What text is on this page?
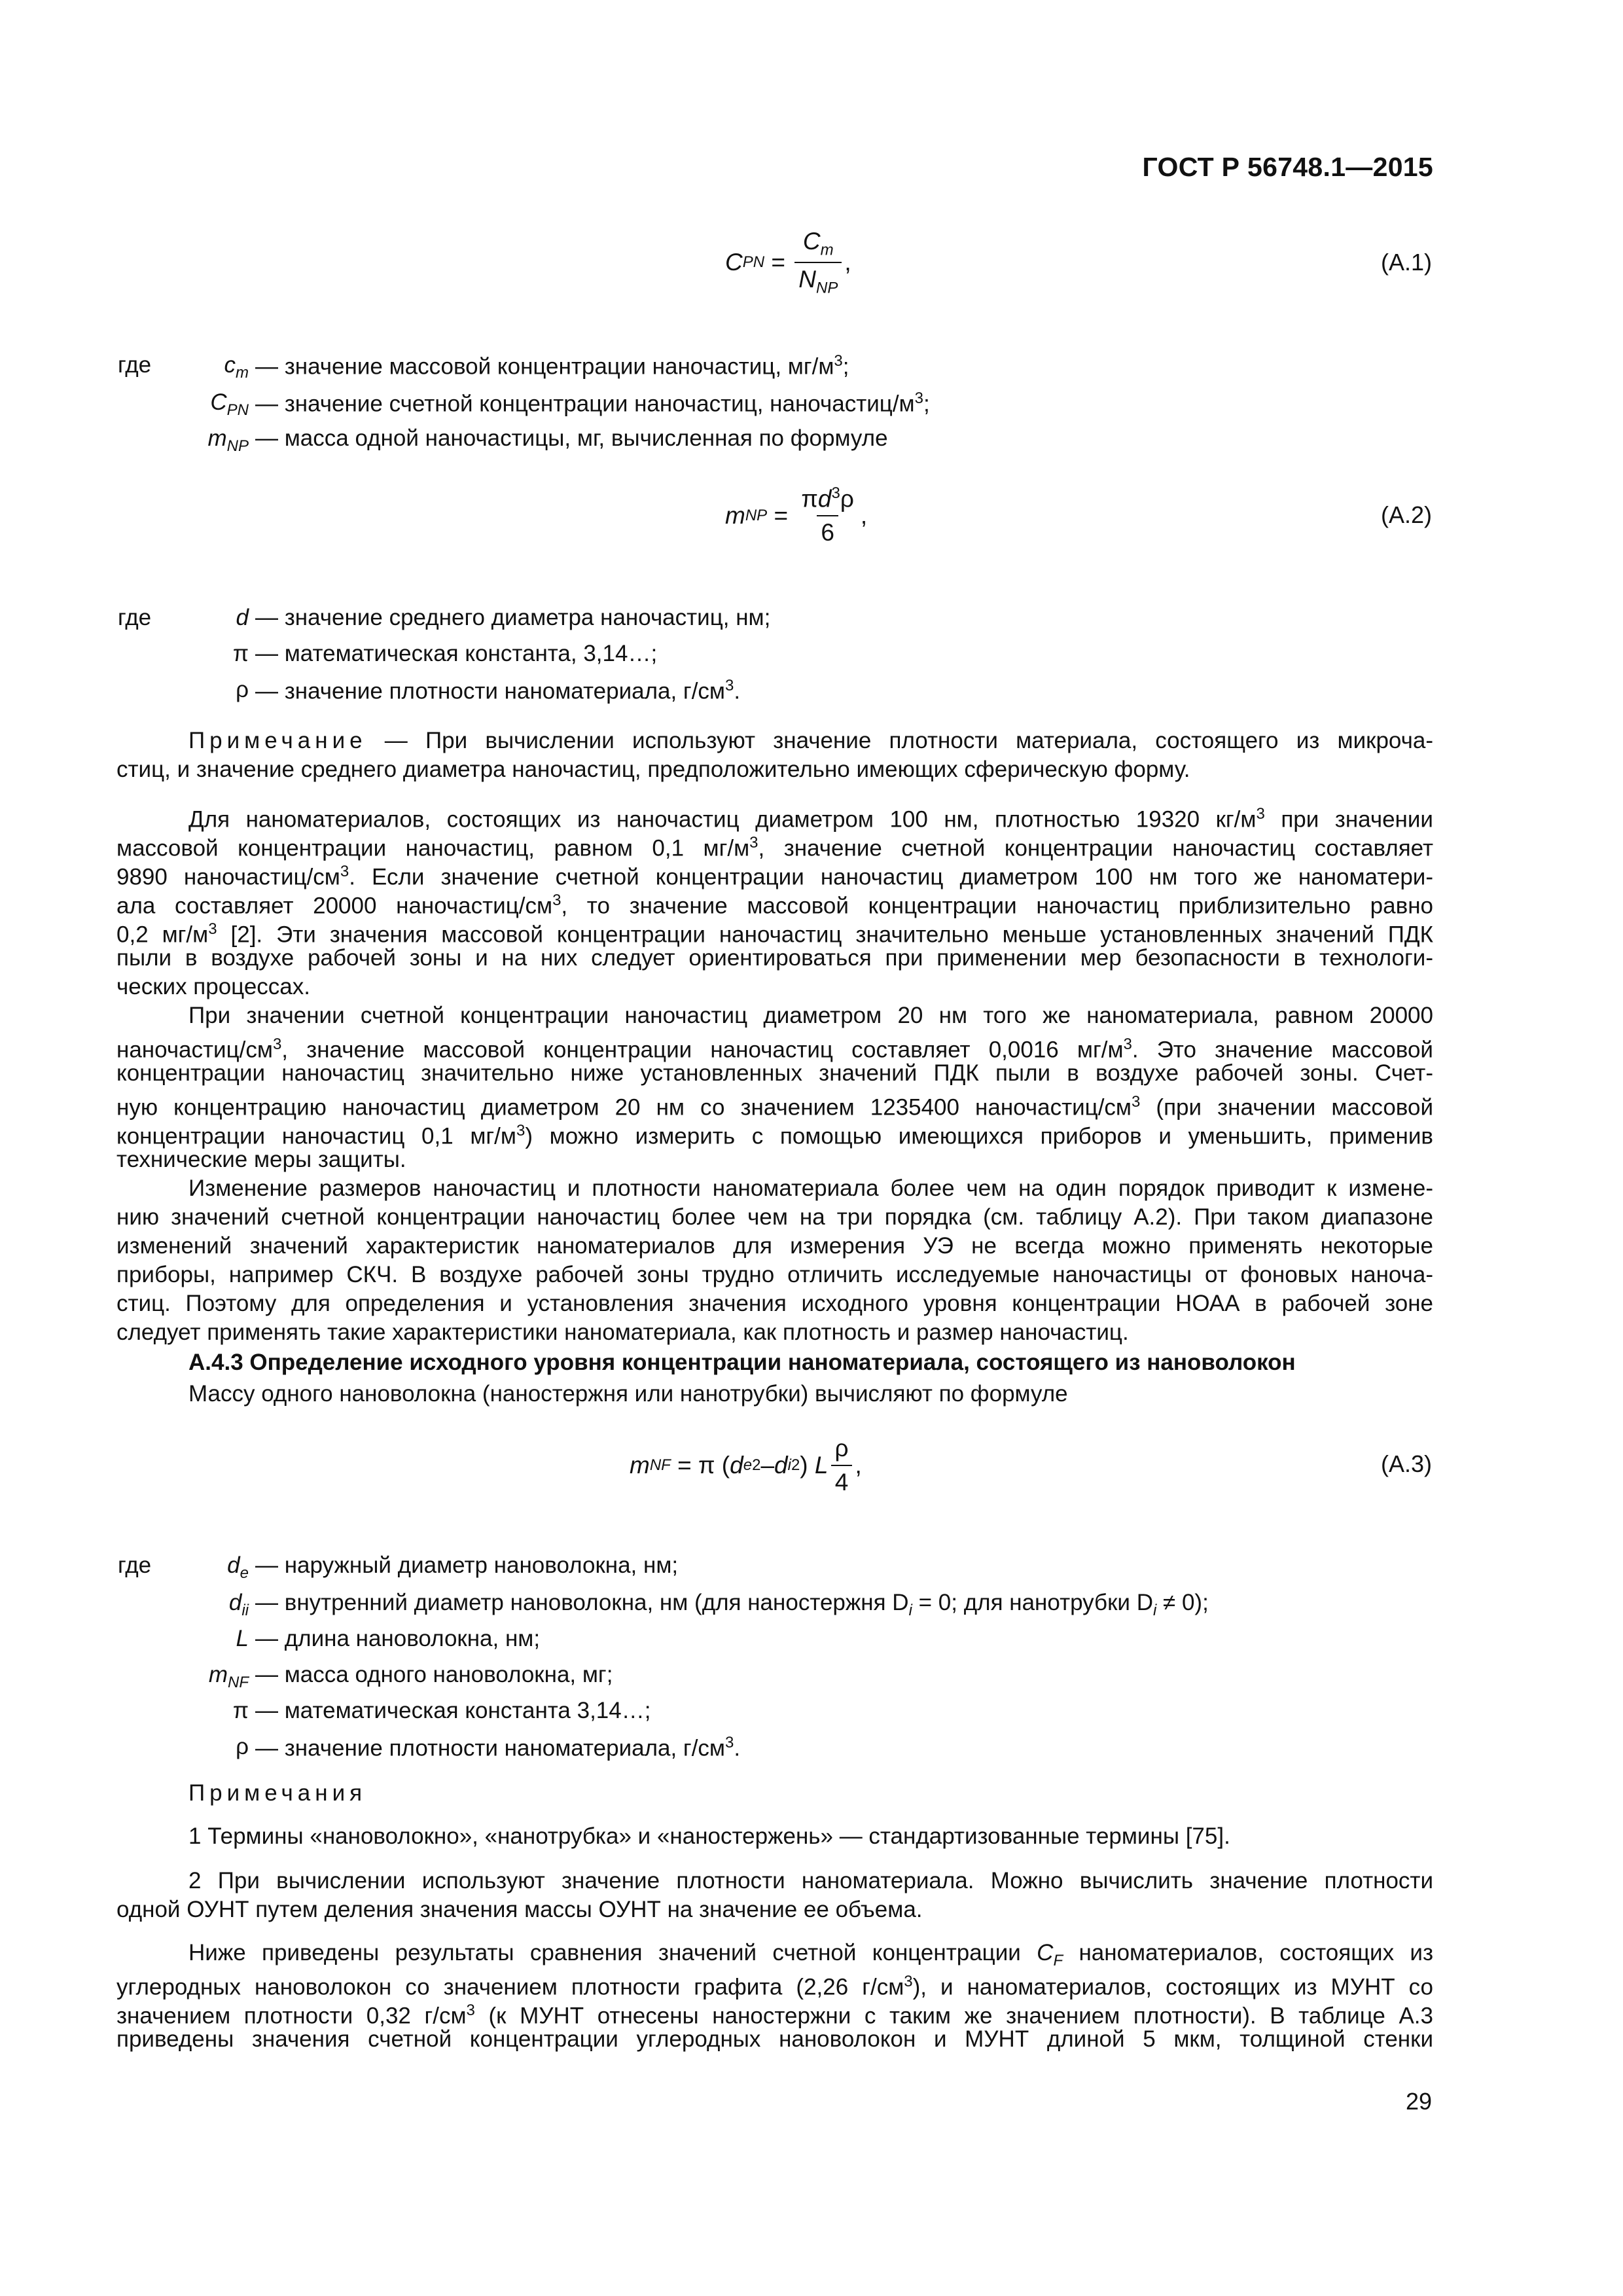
ГОСТ Р 56748.1—2015
C PN = $\frac{C_m}{N_{NP}}$ ,	(А.1)
где	$c_m$ — значение массовой концентрации наночастиц, $мг/м^3$;
$C_{PN}$ — значение счетной концентрации наночастиц, наночастиц/$м^3$;
$m_{NP}$ — масса одной наночастицы, мг, вычисленная по формуле
m NP = $\frac{\pi d^3\rho}{6}$ ,	(А.2)
где	d — значение среднего диаметра наночастиц, нм;
π — математическая константа, 3,14…;
ρ — значение плотности наноматериала, $г/см^3$.
Примечание — При вычислении используют значение плотности материала, состоящего из микроча-
стиц, и значение среднего диаметра наночастиц, предположительно имеющих сферическую форму.
Для наноматериалов, состоящих из наночастиц диаметром 100 нм, плотностью 19320 $кг/м^3$ при значении
массовой концентрации наночастиц, равном 0,1 $мг/м^3$, значение счетной концентрации наночастиц составляет
9890 наночастиц/$см^3$. Если значение счетной концентрации наночастиц диаметром 100 нм того же наноматери-
ала составляет 20000 наночастиц/$см^3$, то значение массовой концентрации наночастиц приблизительно равно
0,2 $мг/м^3$ [2]. Эти значения массовой концентрации наночастиц значительно меньше установленных значений ПДК
пыли в воздухе рабочей зоны и на них следует ориентироваться при применении мер безопасности в технологи-
ческих процессах.
При значении счетной концентрации наночастиц диаметром 20 нм того же наноматериала, равном 20000
наночастиц/$см^3$, значение массовой концентрации наночастиц составляет 0,0016 $мг/м^3$. Это значение массовой
концентрации наночастиц значительно ниже установленных значений ПДК пыли в воздухе рабочей зоны. Счет-
ную концентрацию наночастиц диаметром 20 нм со значением 1235400 наночастиц/$см^3$ (при значении массовой
концентрации наночастиц 0,1 $мг/м^3$) можно измерить с помощью имеющихся приборов и уменьшить, применив
технические меры защиты.
Изменение размеров наночастиц и плотности наноматериала более чем на один порядок приводит к измене-
нию значений счетной концентрации наночастиц более чем на три порядка (см. таблицу А.2). При таком диапазоне
изменений значений характеристик наноматериалов для измерения УЭ не всегда можно применять некоторые
приборы, например СКЧ. В воздухе рабочей зоны трудно отличить исследуемые наночастицы от фоновых наноча-
стиц. Поэтому для определения и установления значения исходного уровня концентрации НОАА в рабочей зоне
следует применять такие характеристики наноматериала, как плотность и размер наночастиц.
А.4.3 Определение исходного уровня концентрации наноматериала, состоящего из нановолокон
Массу одного нановолокна (наностержня или нанотрубки) вычисляют по формуле
m NF
= π ( d e 2 – d i 2 )
L $\frac{\rho}{4}$ ,	(А.3)
где	$d_e$ — наружный диаметр нановолокна, нм;
$d_{ii}$ — внутренний диаметр нановолокна, нм (для наностержня $D_i = 0$; для нанотрубки $D_i \ne 0$);
L — длина нановолокна, нм;
$m_{NF}$ — масса одного нановолокна, мг;
π — математическая константа 3,14…;
ρ — значение плотности наноматериала, $г/см^3$.
Примечания
1 Термины «нановолокно», «нанотрубка» и «наностержень» — стандартизованные термины [75].
2 При вычислении используют значение плотности наноматериала. Можно вычислить значение плотности
одной ОУНТ путем деления значения массы ОУНТ на значение ее объема.
Ниже приведены результаты сравнения значений счетной концентрации $C_F$ наноматериалов, состоящих из
углеродных нановолокон со значением плотности графита (2,26 $г/см^3$), и наноматериалов, состоящих из МУНТ со
значением плотности 0,32 $г/см^3$ (к МУНТ отнесены наностержни с таким же значением плотности). В таблице А.3
приведены значения счетной концентрации углеродных нановолокон и МУНТ длиной 5 мкм, толщиной стенки
29
